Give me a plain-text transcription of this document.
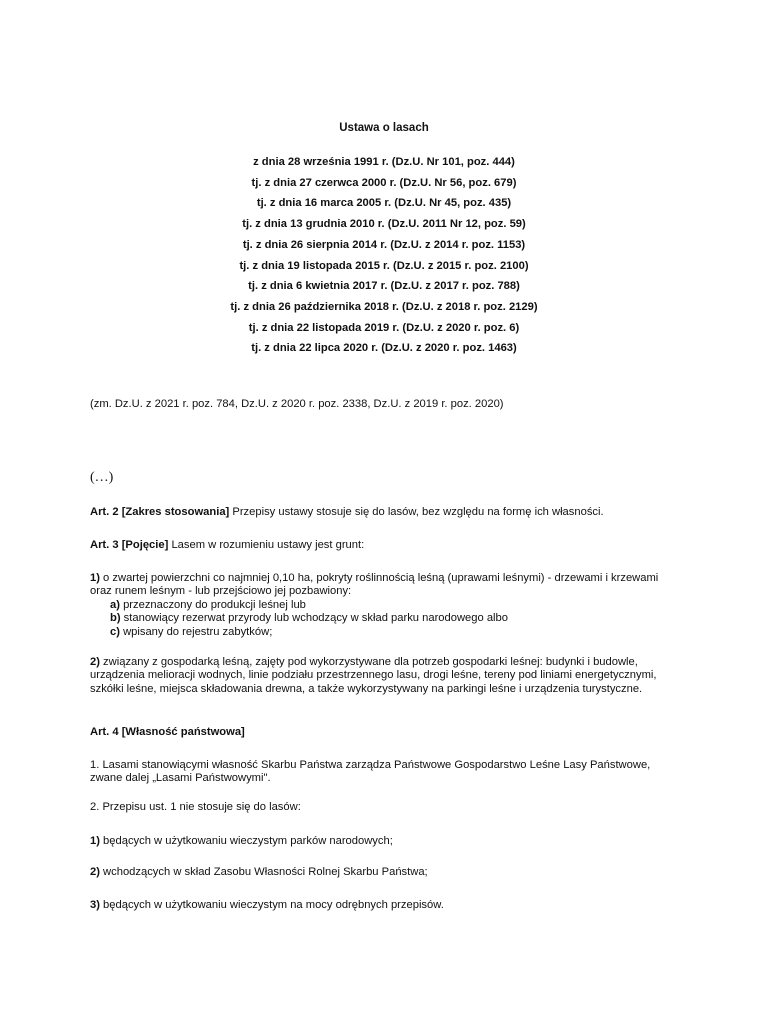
Ustawa o lasach

z dnia 28 września 1991 r. (Dz.U. Nr 101, poz. 444)

tj. z dnia 27 czerwca 2000 r. (Dz.U. Nr 56, poz. 679)

tj. z dnia 16 marca 2005 r. (Dz.U. Nr 45, poz. 435)

tj. z dnia 13 grudnia 2010 r. (Dz.U. 2011 Nr 12, poz. 59)

tj. z dnia 26 sierpnia 2014 r. (Dz.U. z 2014 r. poz. 1153)

tj. z dnia 19 listopada 2015 r. (Dz.U. z 2015 r. poz. 2100)

tj. z dnia 6 kwietnia 2017 r. (Dz.U. z 2017 r. poz. 788)

tj. z dnia 26 października 2018 r. (Dz.U. z 2018 r. poz. 2129)

tj. z dnia 22 listopada 2019 r. (Dz.U. z 2020 r. poz. 6)

tj. z dnia 22 lipca 2020 r. (Dz.U. z 2020 r. poz. 1463)

(zm. Dz.U. z 2021 r. poz. 784, Dz.U. z 2020 r. poz. 2338, Dz.U. z 2019 r. poz. 2020)
(…)
Art. 2 [Zakres stosowania] Przepisy ustawy stosuje się do lasów, bez względu na formę ich własności.
Art. 3 [Pojęcie] Lasem w rozumieniu ustawy jest grunt:
1) o zwartej powierzchni co najmniej 0,10 ha, pokryty roślinnością leśną (uprawami leśnymi) - drzewami i krzewami oraz runem leśnym - lub przejściowo jej pozbawiony:
a) przeznaczony do produkcji leśnej lub
b) stanowiący rezerwat przyrody lub wchodzący w skład parku narodowego albo
c) wpisany do rejestru zabytków;
2) związany z gospodarką leśną, zajęty pod wykorzystywane dla potrzeb gospodarki leśnej: budynki i budowle, urządzenia melioracji wodnych, linie podziału przestrzennego lasu, drogi leśne, tereny pod liniami energetycznymi, szkółki leśne, miejsca składowania drewna, a także wykorzystywany na parkingi leśne i urządzenia turystyczne.
Art. 4 [Własność państwowa]
1. Lasami stanowiącymi własność Skarbu Państwa zarządza Państwowe Gospodarstwo Leśne Lasy Państwowe, zwane dalej „Lasami Państwowymi".
2. Przepisu ust. 1 nie stosuje się do lasów:
1) będących w użytkowaniu wieczystym parków narodowych;
2) wchodzących w skład Zasobu Własności Rolnej Skarbu Państwa;
3) będących w użytkowaniu wieczystym na mocy odrębnych przepisów.
